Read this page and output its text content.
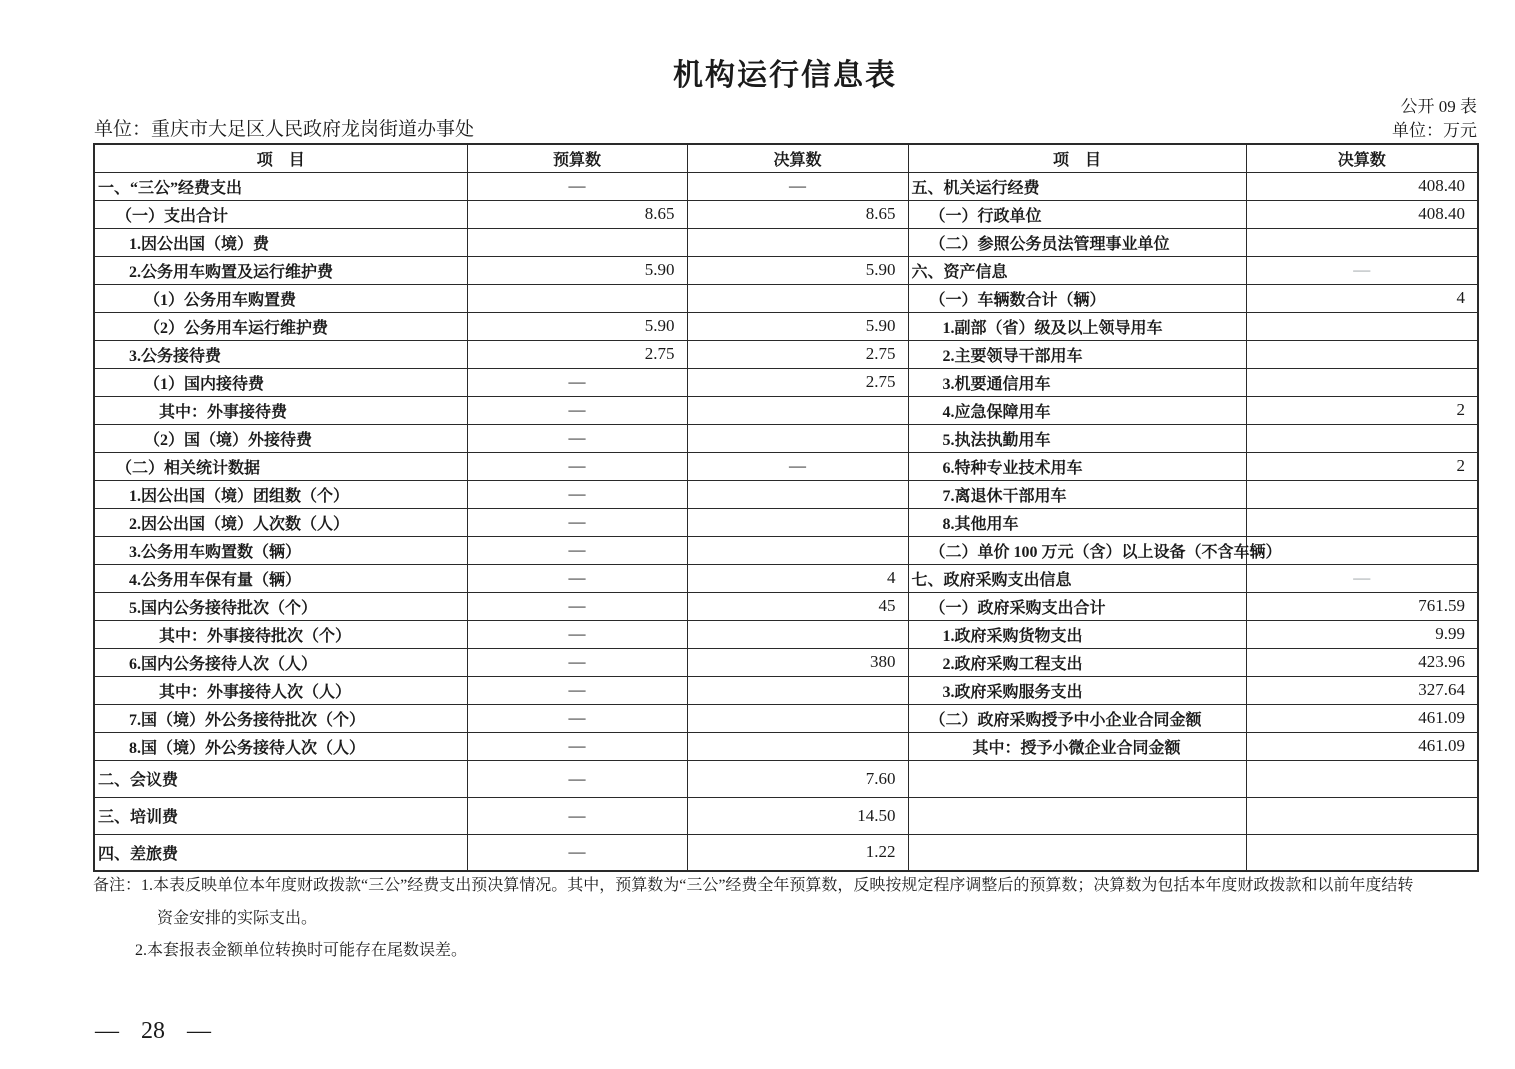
机构运行信息表
公开 09 表
单位：重庆市大足区人民政府龙岗街道办事处	单位：万元
项　目	预算数	决算数	项　目	决算数
一、“三公”经费支出	—	—	五、机关运行经费	408.40
（一）支出合计	8.65	8.65	（一）行政单位	408.40
1.因公出国（境）费			（二）参照公务员法管理事业单位	
2.公务用车购置及运行维护费	5.90	5.90	六、资产信息	—
（1）公务用车购置费			（一）车辆数合计（辆）	4
（2）公务用车运行维护费	5.90	5.90	1.副部（省）级及以上领导用车	
3.公务接待费	2.75	2.75	2.主要领导干部用车	
（1）国内接待费	—	2.75	3.机要通信用车	
其中：外事接待费	—		4.应急保障用车	2
（2）国（境）外接待费	—		5.执法执勤用车	
（二）相关统计数据	—	—	6.特种专业技术用车	2
1.因公出国（境）团组数（个）	—		7.离退休干部用车	
2.因公出国（境）人次数（人）	—		8.其他用车	
3.公务用车购置数（辆）	—		（二）单价 100 万元（含）以上设备（不含车辆）	
4.公务用车保有量（辆）	—	4	七、政府采购支出信息	—
5.国内公务接待批次（个）	—	45	（一）政府采购支出合计	761.59
其中：外事接待批次（个）	—		1.政府采购货物支出	9.99
6.国内公务接待人次（人）	—	380	2.政府采购工程支出	423.96
其中：外事接待人次（人）	—		3.政府采购服务支出	327.64
7.国（境）外公务接待批次（个）	—		（二）政府采购授予中小企业合同金额	461.09
8.国（境）外公务接待人次（人）	—		其中：授予小微企业合同金额	461.09
二、会议费	—	7.60		
三、培训费	—	14.50		
四、差旅费	—	1.22		
备注：1.本表反映单位本年度财政拨款“三公”经费支出预决算情况。其中，预算数为“三公”经费全年预算数，反映按规定程序调整后的预算数；决算数为包括本年度财政拨款和以前年度结转
资金安排的实际支出。
2.本套报表金额单位转换时可能存在尾数误差。
— 28 —
